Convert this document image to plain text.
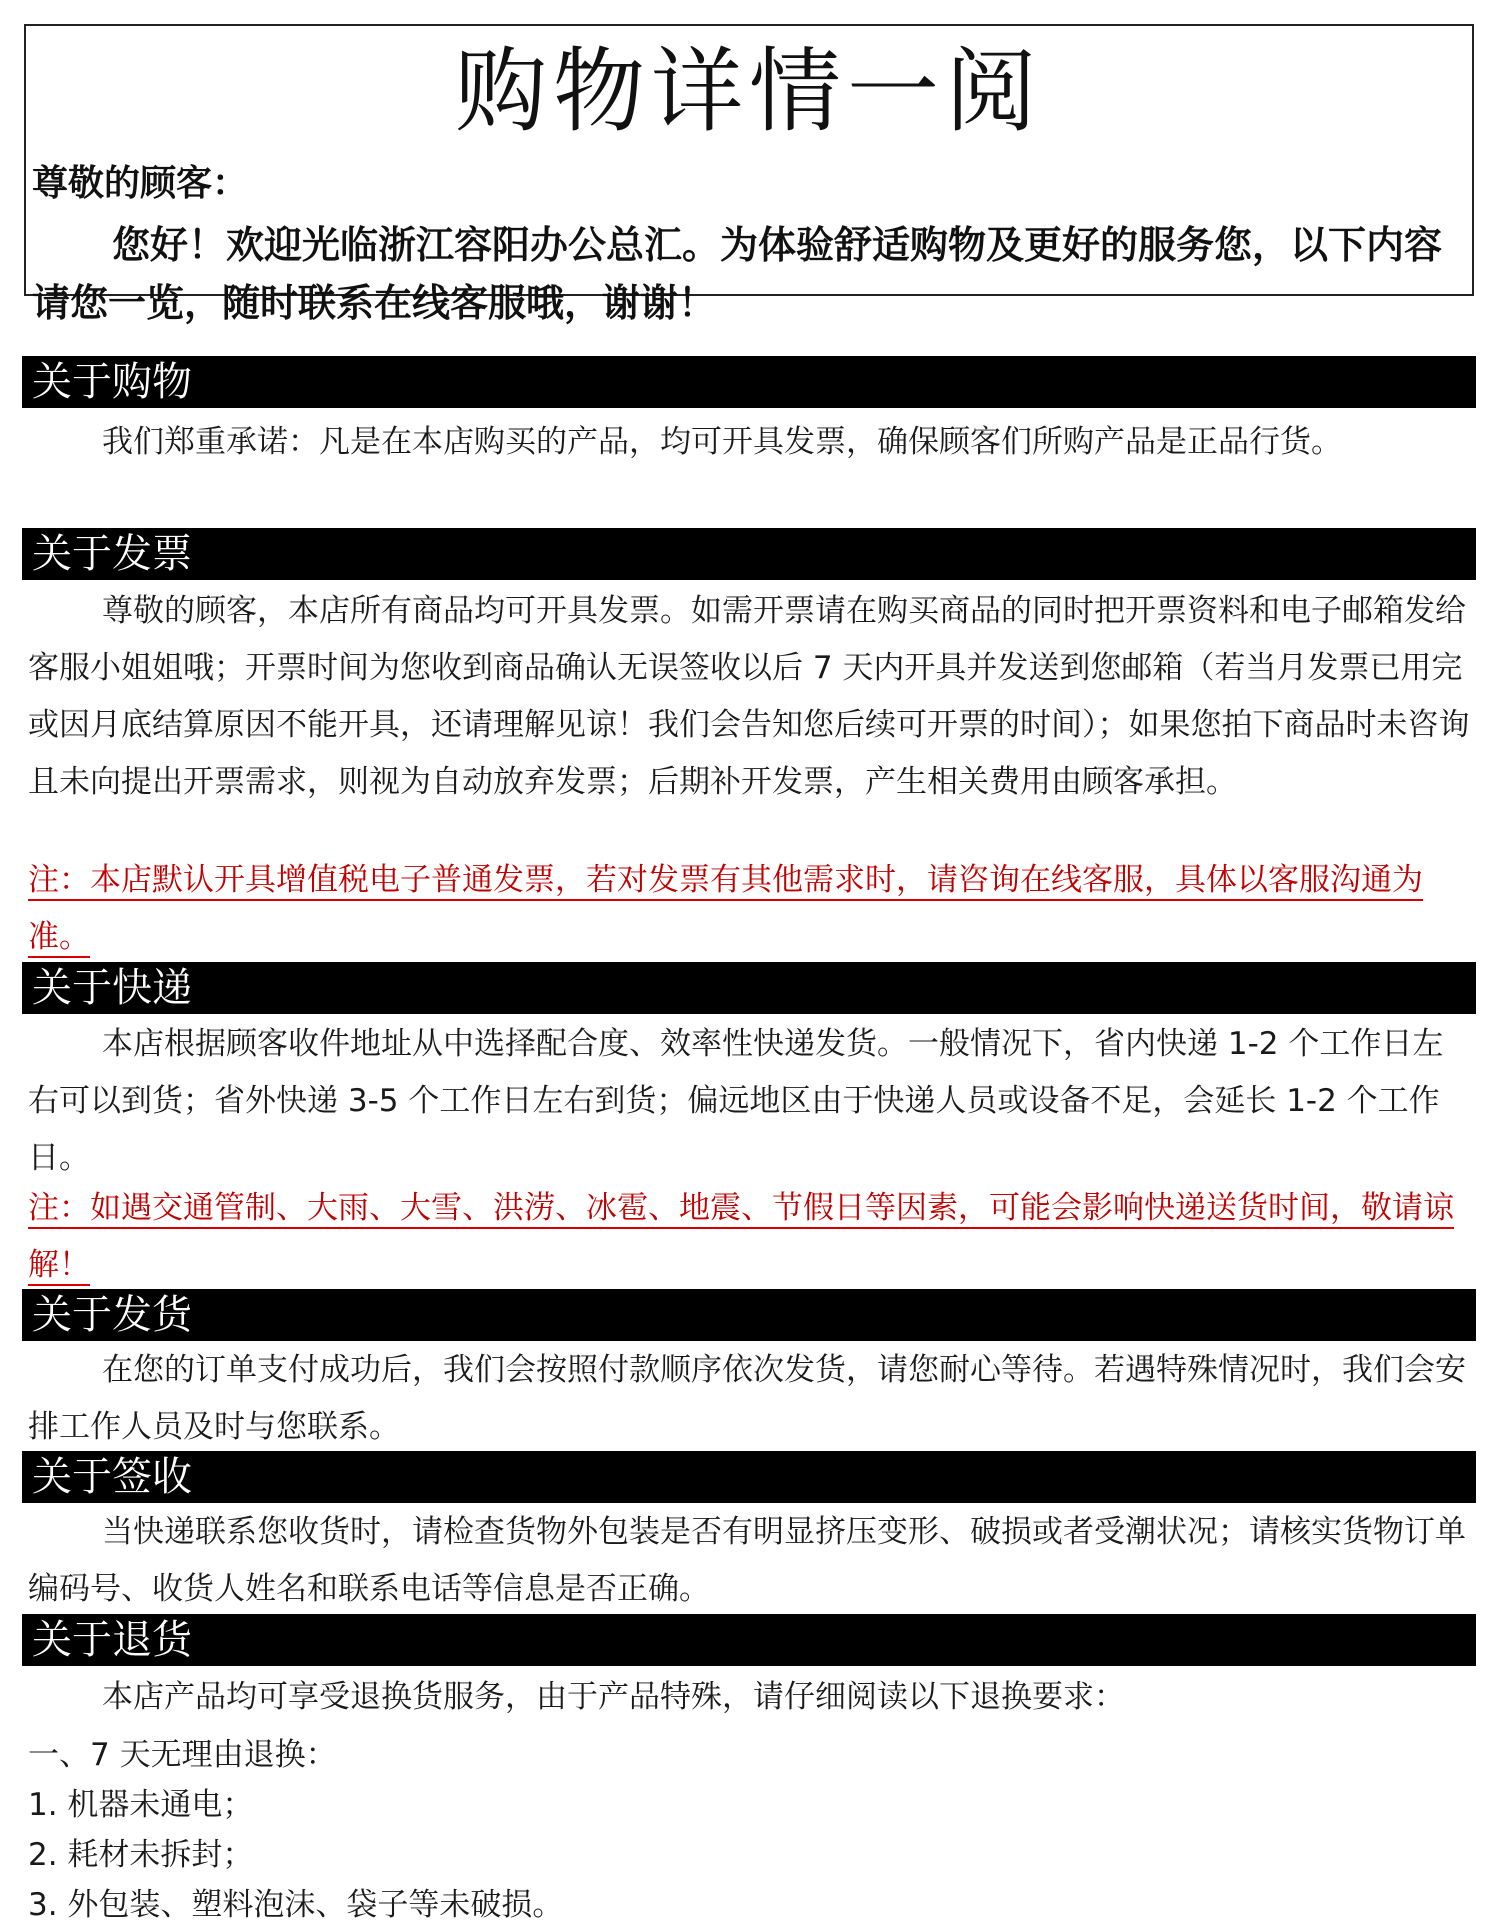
购物详情一阅
尊敬的顾客：
您好！欢迎光临浙江容阳办公总汇。为体验舒适购物及更好的服务您，以下内容请您一览，随时联系在线客服哦，谢谢！
关于购物
我们郑重承诺：凡是在本店购买的产品，均可开具发票，确保顾客们所购产品是正品行货。
关于发票
尊敬的顾客，本店所有商品均可开具发票。如需开票请在购买商品的同时把开票资料和电子邮箱发给客服小姐姐哦；开票时间为您收到商品确认无误签收以后 7 天内开具并发送到您邮箱（若当月发票已用完或因月底结算原因不能开具，还请理解见谅！我们会告知您后续可开票的时间）；如果您拍下商品时未咨询且未向提出开票需求，则视为自动放弃发票；后期补开发票，产生相关费用由顾客承担。
注：本店默认开具增值税电子普通发票，若对发票有其他需求时，请咨询在线客服，具体以客服沟通为准。
关于快递
本店根据顾客收件地址从中选择配合度、效率性快递发货。一般情况下，省内快递 1-2 个工作日左右可以到货；省外快递 3-5 个工作日左右到货；偏远地区由于快递人员或设备不足，会延长 1-2 个工作日。
注：如遇交通管制、大雨、大雪、洪涝、冰雹、地震、节假日等因素，可能会影响快递送货时间，敬请谅解！
关于发货
在您的订单支付成功后，我们会按照付款顺序依次发货，请您耐心等待。若遇特殊情况时，我们会安排工作人员及时与您联系。
关于签收
当快递联系您收货时，请检查货物外包装是否有明显挤压变形、破损或者受潮状况；请核实货物订单编码号、收货人姓名和联系电话等信息是否正确。
关于退货
本店产品均可享受退换货服务，由于产品特殊，请仔细阅读以下退换要求：
一、7 天无理由退换：
1. 机器未通电；
2. 耗材未拆封；
3. 外包装、塑料泡沫、袋子等未破损。
